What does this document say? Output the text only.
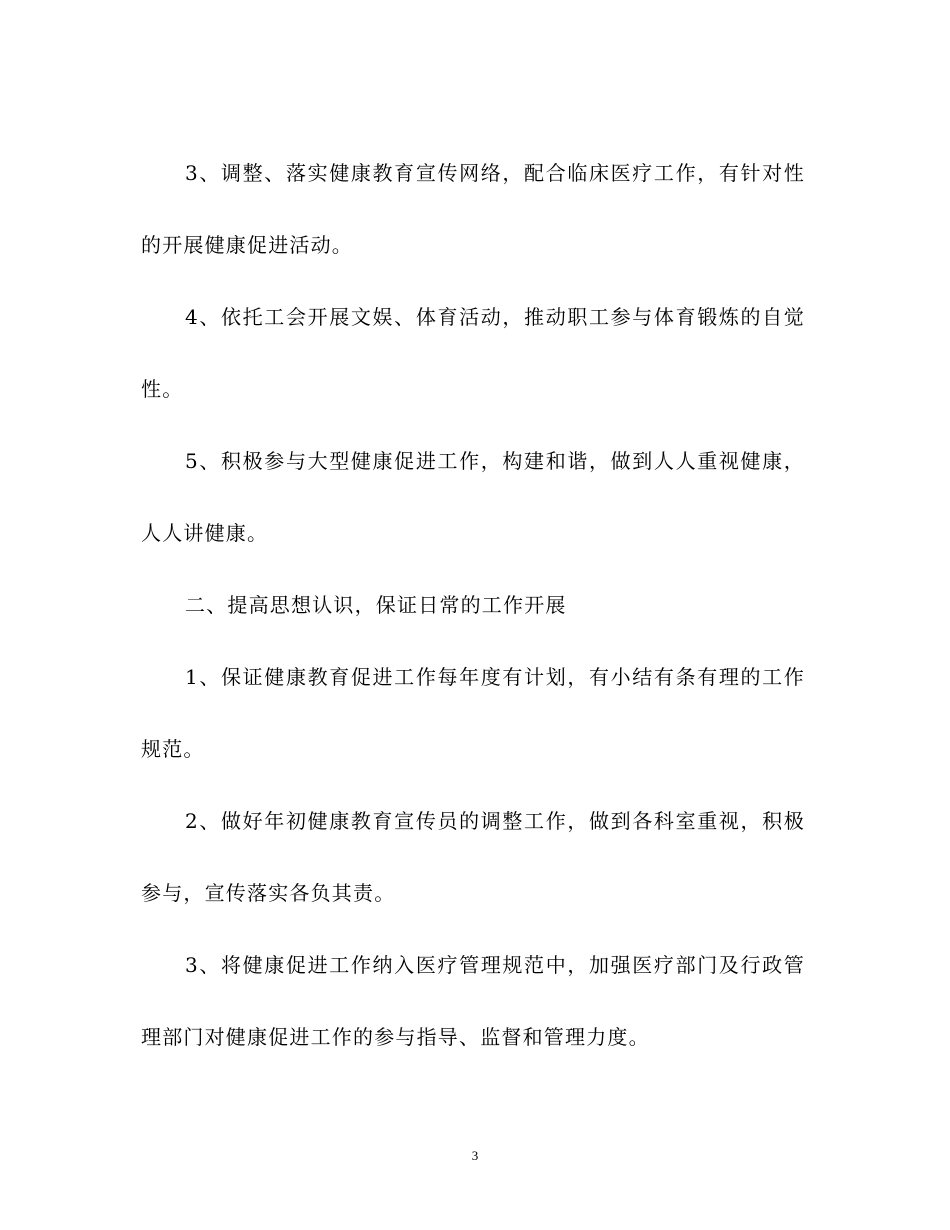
3、调整、落实健康教育宣传网络，配合临床医疗工作，有针对性的开展健康促进活动。

4、依托工会开展文娱、体育活动，推动职工参与体育锻炼的自觉性。

5、积极参与大型健康促进工作，构建和谐，做到人人重视健康，人人讲健康。

二、提高思想认识，保证日常的工作开展

1、保证健康教育促进工作每年度有计划，有小结有条有理的工作规范。

2、做好年初健康教育宣传员的调整工作，做到各科室重视，积极参与，宣传落实各负其责。

3、将健康促进工作纳入医疗管理规范中，加强医疗部门及行政管理部门对健康促进工作的参与指导、监督和管理力度。

3
